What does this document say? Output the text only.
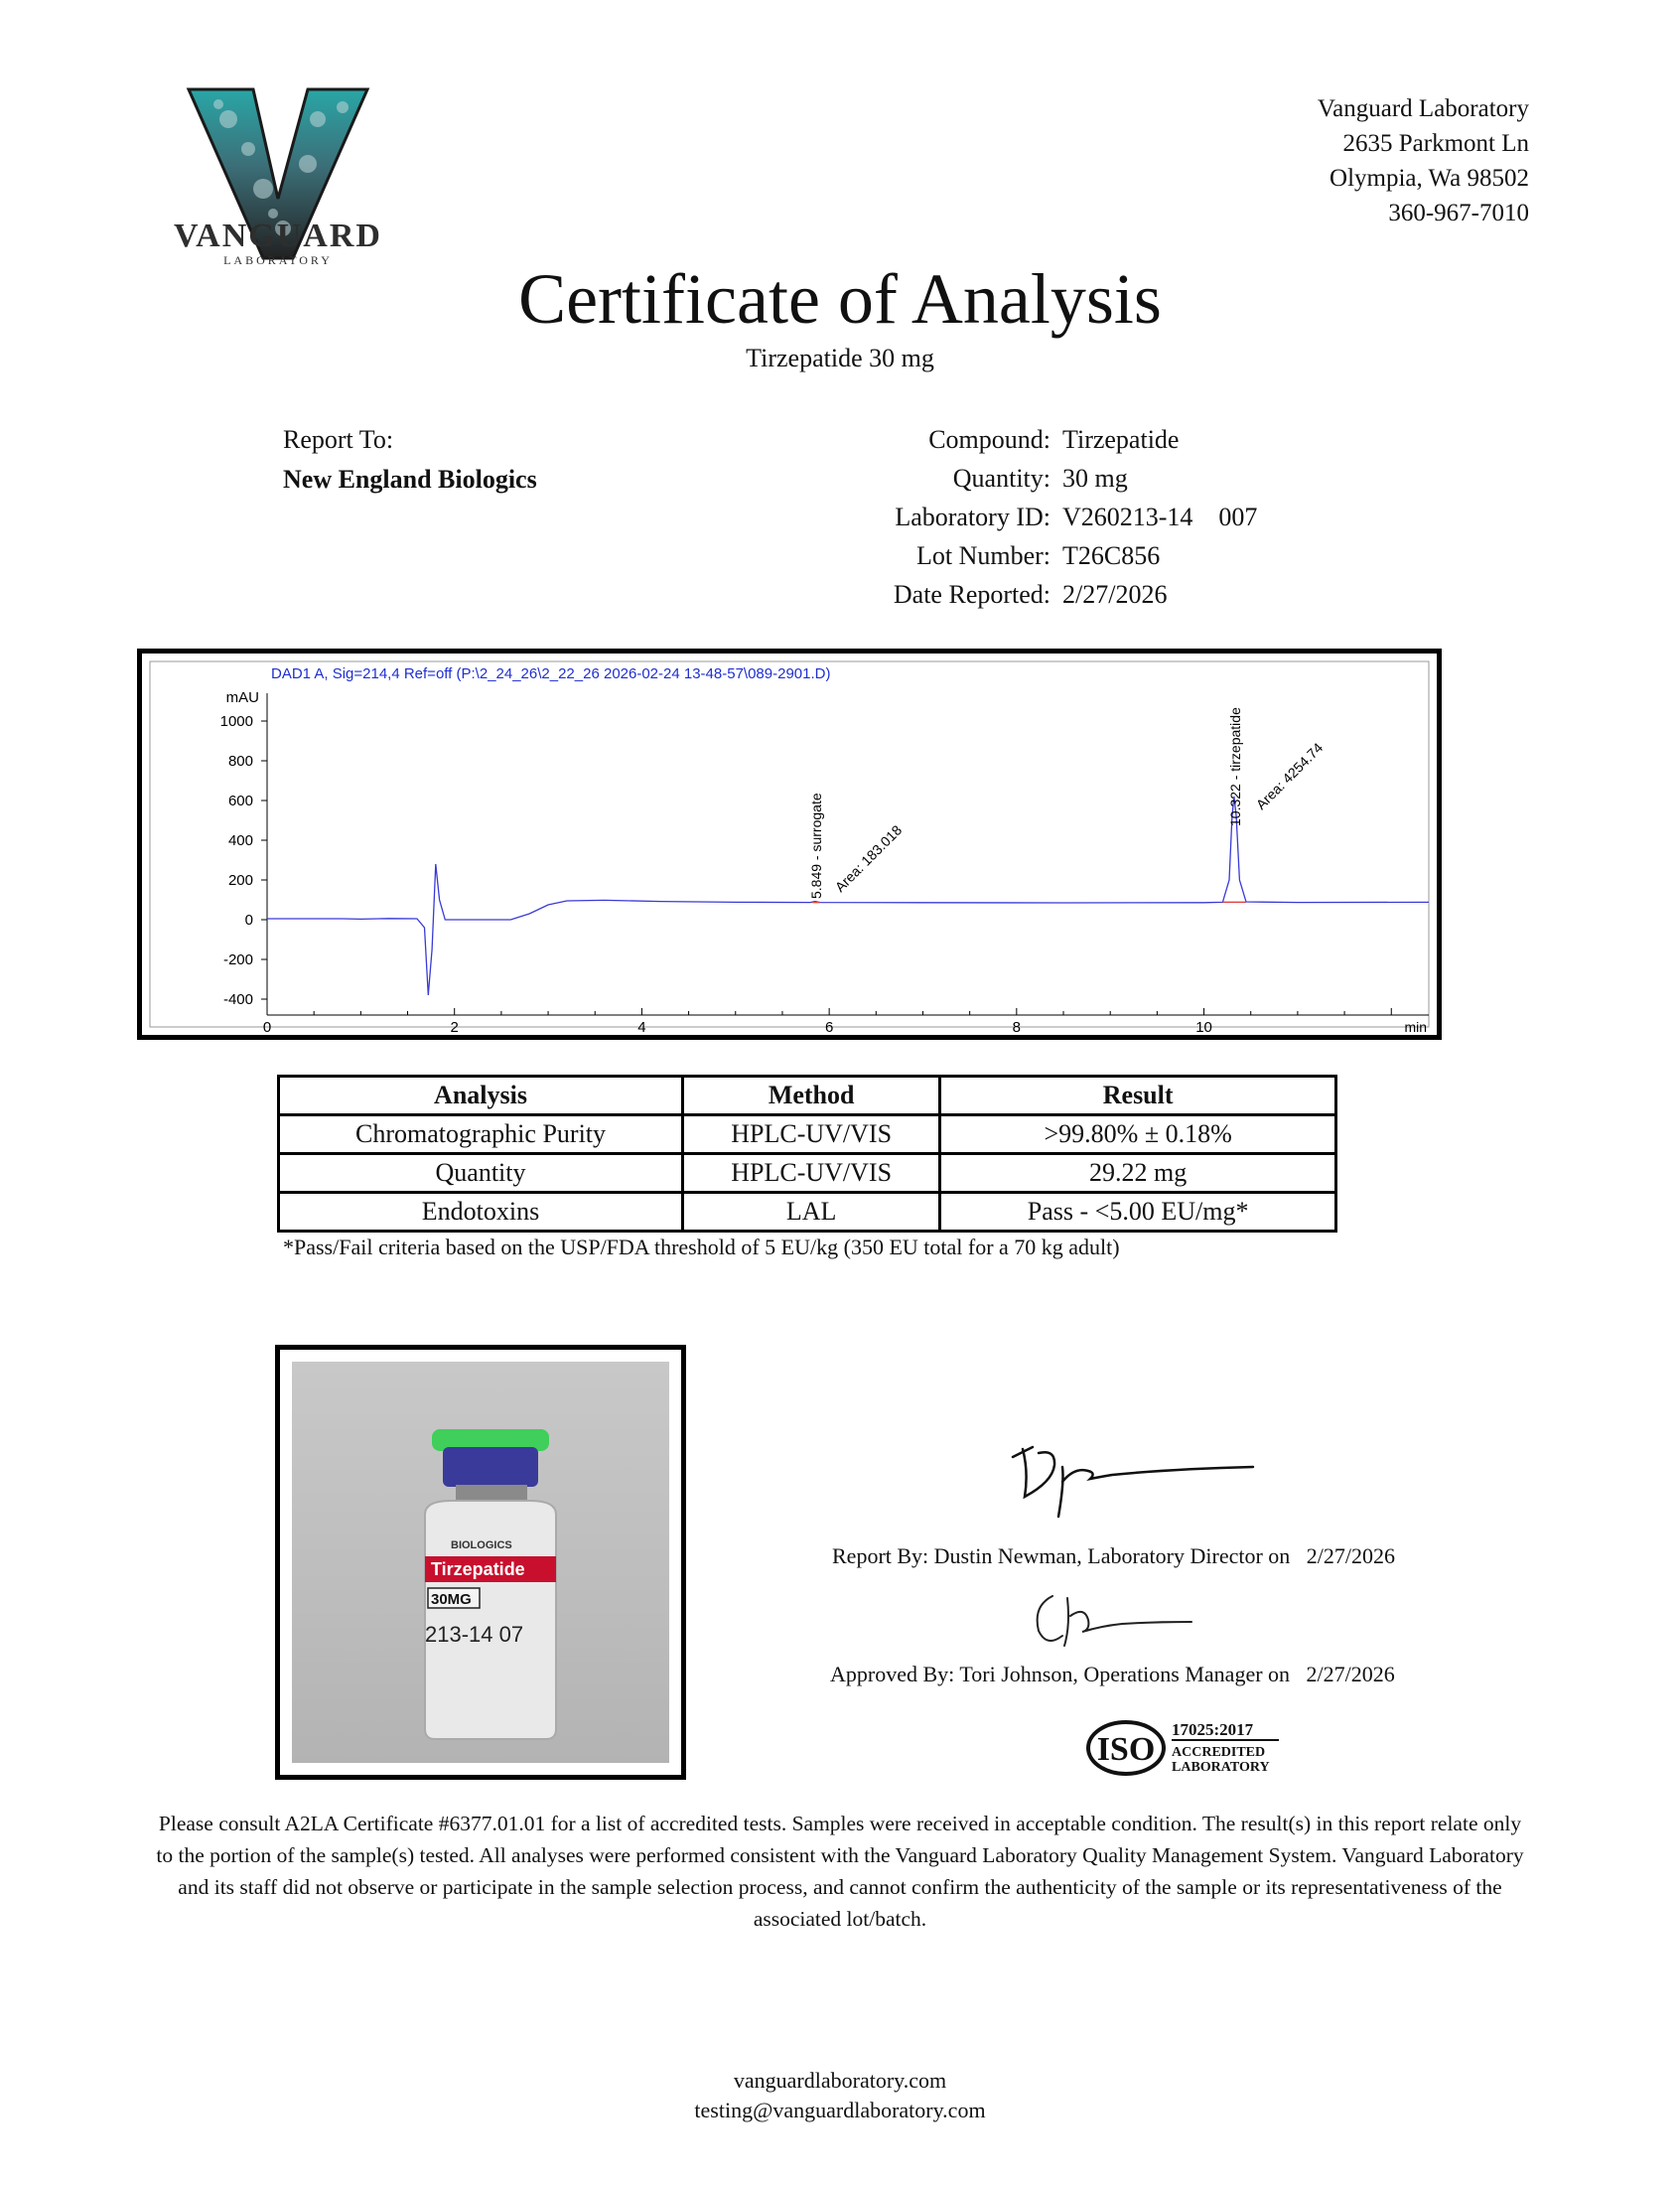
VANGUARD
LABORATORY
Vanguard Laboratory
2635 Parkmont Ln
Olympia, Wa 98502
360-967-7010
Certificate of Analysis
Tirzepatide 30 mg
Report To:
New England Biologics
Compound: Tirzepatide
Quantity: 30 mg
Laboratory ID: V260213-14    007
Lot Number: T26C856
Date Reported: 2/27/2026
DAD1 A, Sig=214,4 Ref=off (P:\2_24_26\2_22_26 2026-02-24 13-48-57\089-2901.D)
mAU
-400
-200
0
200
400
600
800
1000
0	2	4	6	8	10	min
5.849 - surrogate Area: 183.018
10.322 - tirzepatide Area: 4254.74
Analysis	Method	Result
Chromatographic Purity	HPLC-UV/VIS	>99.80% ± 0.18%
Quantity	HPLC-UV/VIS	29.22 mg
Endotoxins	LAL	Pass - <5.00 EU/mg*
*Pass/Fail criteria based on the USP/FDA threshold of 5 EU/kg (350 EU total for a 70 kg adult)
BIOLOGICS
Tirzepatide
30MG
213-14 07
Report By: Dustin Newman, Laboratory Director on   2/27/2026
Approved By: Tori Johnson, Operations Manager on   2/27/2026
ISO
17025:2017
ACCREDITED
LABORATORY
Please consult A2LA Certificate #6377.01.01 for a list of accredited tests. Samples were received in acceptable condition. The result(s) in this report relate only to the portion of the sample(s) tested. All analyses were performed consistent with the Vanguard Laboratory Quality Management System. Vanguard Laboratory and its staff did not observe or participate in the sample selection process, and cannot confirm the authenticity of the sample or its representativeness of the associated lot/batch.
vanguardlaboratory.com
testing@vanguardlaboratory.com
